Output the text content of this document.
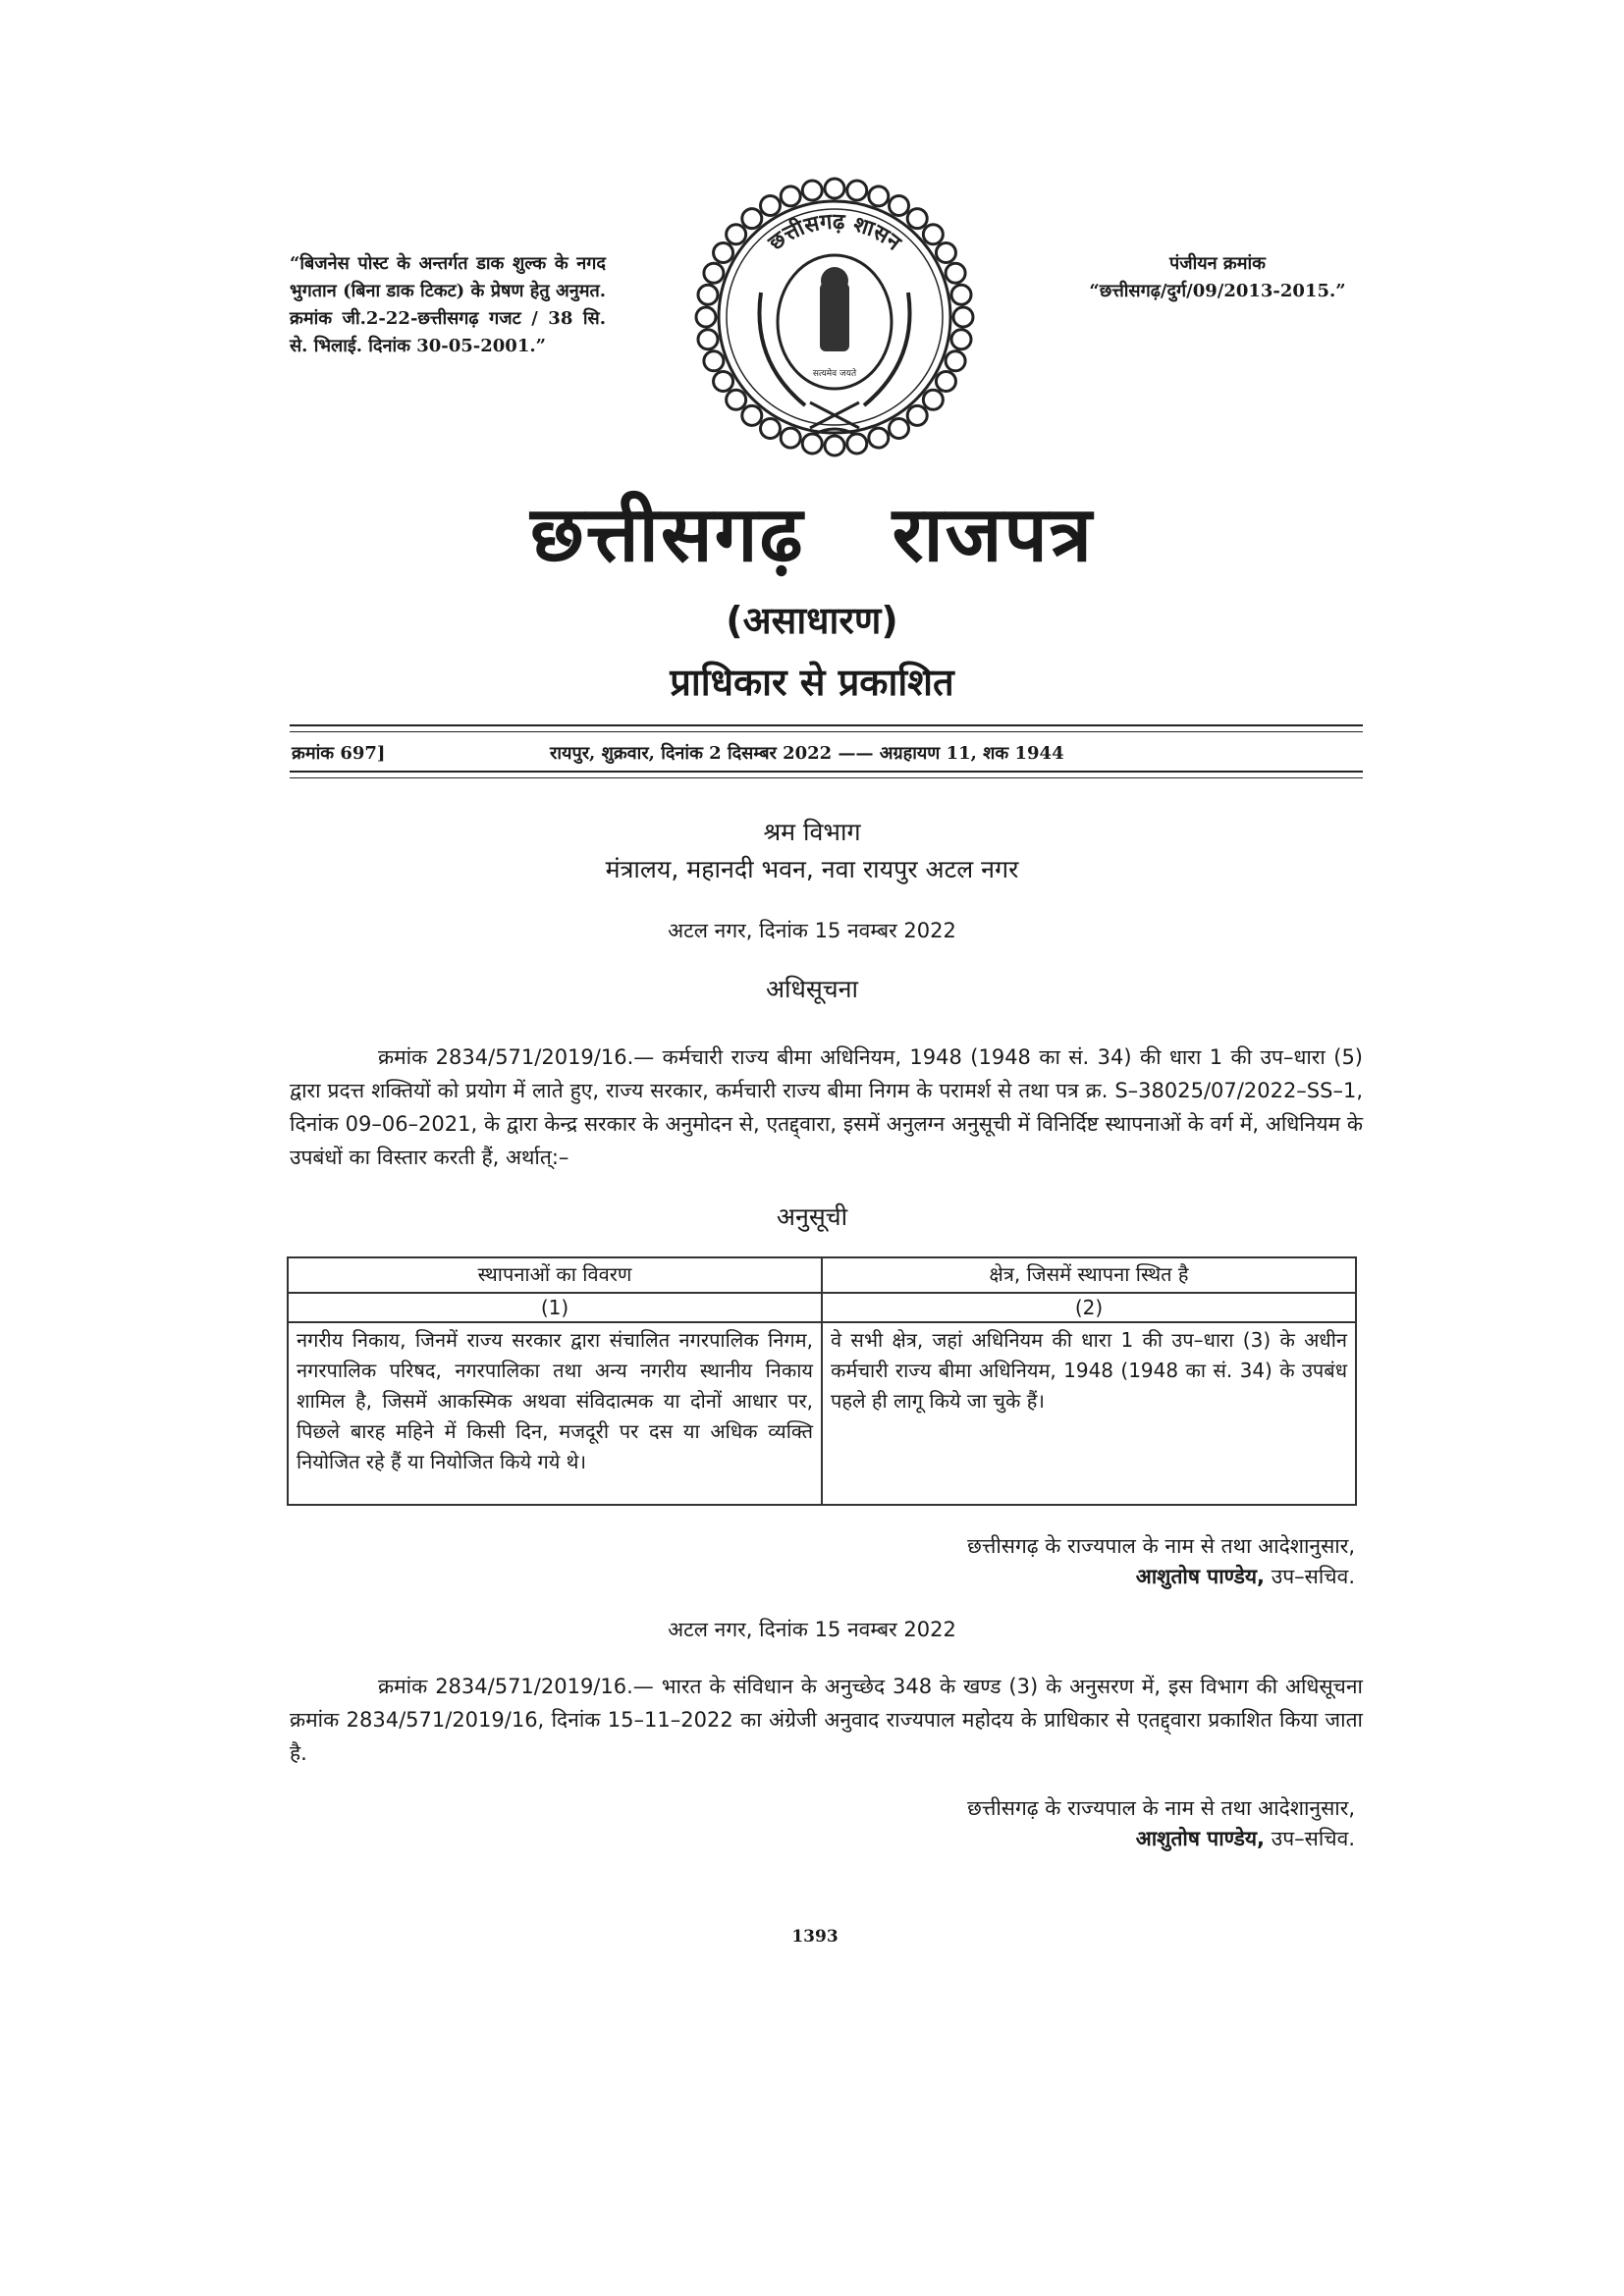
“बिजनेस पोस्ट के अन्तर्गत डाक शुल्क के नगद भुगतान (बिना डाक टिकट) के प्रेषण हेतु अनुमत. क्रमांक जी.2-22-छत्तीसगढ़ गजट / 38 सि. से. भिलाई. दिनांक 30-05-2001.”
छत्तीसगढ़ शासन
सत्यमेव जयते
पंजीयन क्रमांक
“छत्तीसगढ़/दुर्ग/09/2013-2015.”
छत्तीसगढ़ राजपत्र
(असाधारण)
प्राधिकार से प्रकाशित
क्रमांक 697]	रायपुर, शुक्रवार, दिनांक 2 दिसम्बर 2022 —— अग्रहायण 11, शक 1944
श्रम विभाग
मंत्रालय, महानदी भवन, नवा रायपुर अटल नगर
अटल नगर, दिनांक 15 नवम्बर 2022
अधिसूचना
क्रमांक 2834/571/2019/16.— कर्मचारी राज्य बीमा अधिनियम, 1948 (1948 का सं. 34) की धारा 1 की उप–धारा (5) द्वारा प्रदत्त शक्तियों को प्रयोग में लाते हुए, राज्य सरकार, कर्मचारी राज्य बीमा निगम के परामर्श से तथा पत्र क्र. S–38025/07/2022–SS–1, दिनांक 09–06–2021, के द्वारा केन्द्र सरकार के अनुमोदन से, एतद्द्वारा, इसमें अनुलग्न अनुसूची में विनिर्दिष्ट स्थापनाओं के वर्ग में, अधिनियम के उपबंधों का विस्तार करती हैं, अर्थात्:–
अनुसूची
स्थापनाओं का विवरण	क्षेत्र, जिसमें स्थापना स्थित है
(1)	(2)
नगरीय निकाय, जिनमें राज्य सरकार द्वारा संचालित नगरपालिक निगम, नगरपालिक परिषद, नगरपालिका तथा अन्य नगरीय स्थानीय निकाय शामिल है, जिसमें आकस्मिक अथवा संविदात्मक या दोनों आधार पर, पिछले बारह महिने में किसी दिन, मजदूरी पर दस या अधिक व्यक्ति नियोजित रहे हैं या नियोजित किये गये थे।	वे सभी क्षेत्र, जहां अधिनियम की धारा 1 की उप–धारा (3) के अधीन कर्मचारी राज्य बीमा अधिनियम, 1948 (1948 का सं. 34) के उपबंध पहले ही लागू किये जा चुके हैं।
छत्तीसगढ़ के राज्यपाल के नाम से तथा आदेशानुसार,
आशुतोष पाण्डेय, उप–सचिव.
अटल नगर, दिनांक 15 नवम्बर 2022
क्रमांक 2834/571/2019/16.— भारत के संविधान के अनुच्छेद 348 के खण्ड (3) के अनुसरण में, इस विभाग की अधिसूचना क्रमांक 2834/571/2019/16, दिनांक 15–11–2022 का अंग्रेजी अनुवाद राज्यपाल महोदय के प्राधिकार से एतद्द्वारा प्रकाशित किया जाता है.
छत्तीसगढ़ के राज्यपाल के नाम से तथा आदेशानुसार,
आशुतोष पाण्डेय, उप–सचिव.
1393
